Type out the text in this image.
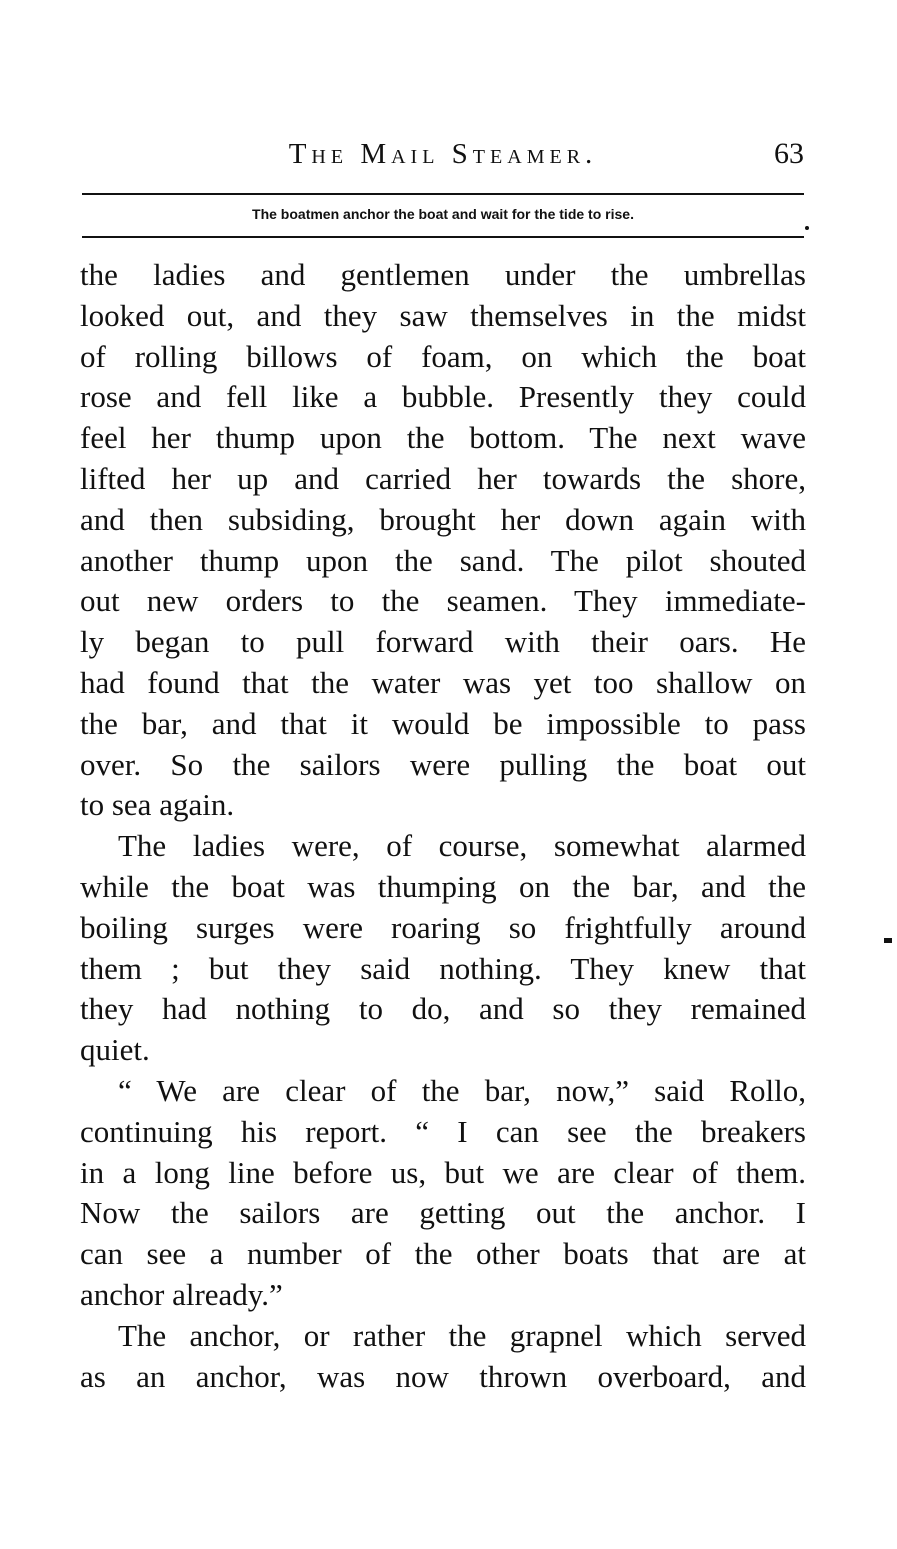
The Mail Steamer.	63
The boatmen anchor the boat and wait for the tide to rise.
the ladies and gentlemen under the umbrellas
looked out, and they saw themselves in the midst
of rolling billows of foam, on which the boat
rose and fell like a bubble. Presently they could
feel her thump upon the bottom. The next wave
lifted her up and carried her towards the shore,
and then subsiding, brought her down again with
another thump upon the sand. The pilot shouted
out new orders to the seamen. They immediate-
ly began to pull forward with their oars. He
had found that the water was yet too shallow on
the bar, and that it would be impossible to pass
over. So the sailors were pulling the boat out
to sea again.
The ladies were, of course, somewhat alarmed
while the boat was thumping on the bar, and the
boiling surges were roaring so frightfully around
them ; but they said nothing. They knew that
they had nothing to do, and so they remained
quiet.
“ We are clear of the bar, now,” said Rollo,
continuing his report. “ I can see the breakers
in a long line before us, but we are clear of them.
Now the sailors are getting out the anchor. I
can see a number of the other boats that are at
anchor already.”
The anchor, or rather the grapnel which served
as an anchor, was now thrown overboard, and
